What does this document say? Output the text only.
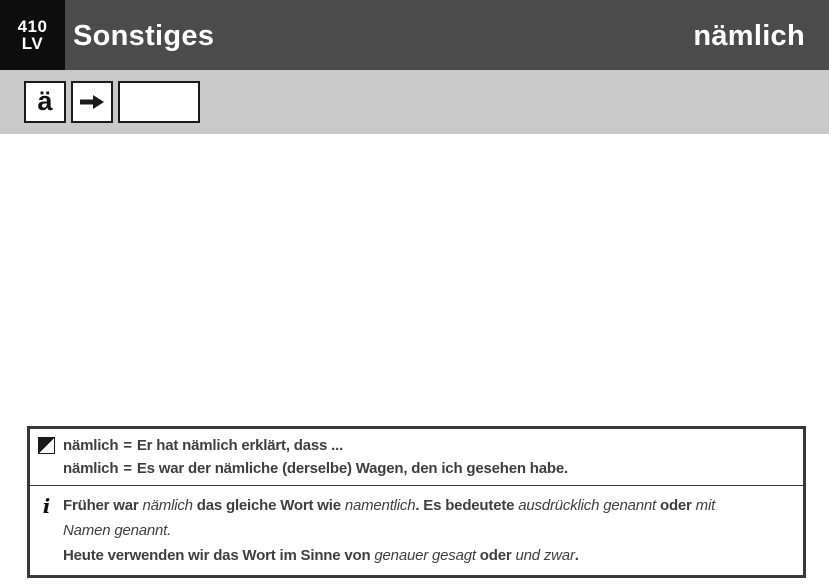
410
LV Sonstiges	nämlich
ä
nämlich = Er hat nämlich erklärt, dass ...
nämlich = Es war der nämliche (derselbe) Wagen, den ich gesehen habe.
i Früher war nämlich das gleiche Wort wie namentlich. Es bedeutete ausdrücklich genannt oder mit
Namen genannt.
Heute verwenden wir das Wort im Sinne von genauer gesagt oder und zwar.
